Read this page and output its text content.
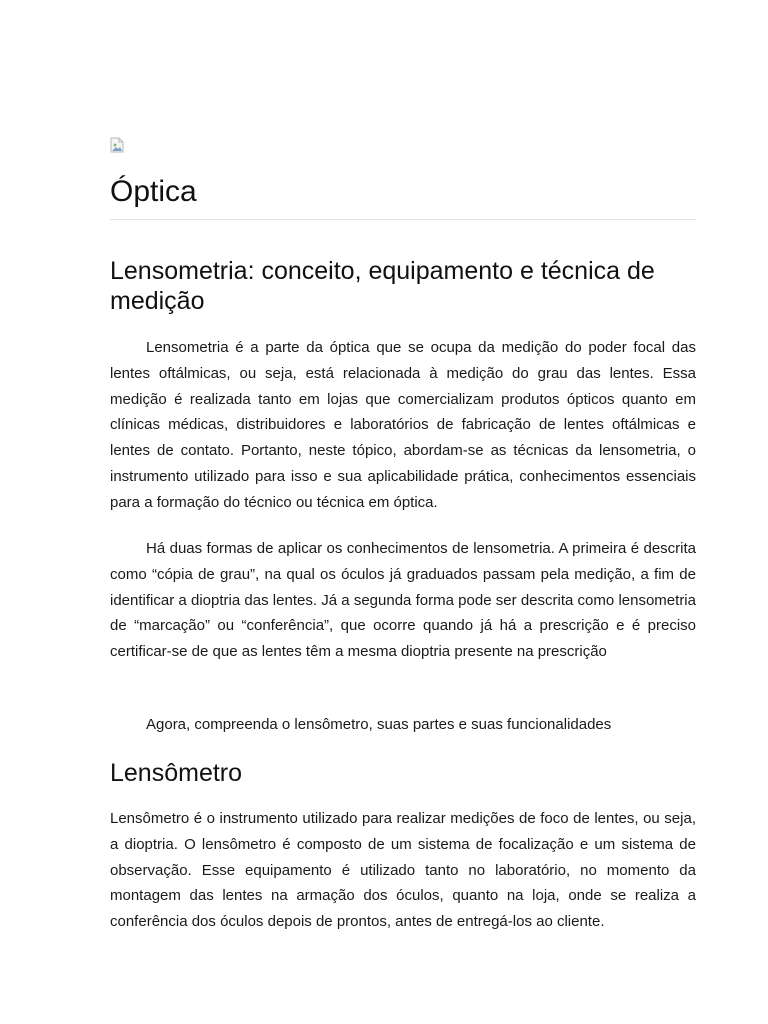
Óptica
Lensometria: conceito, equipamento e técnica de medição

Lensometria é a parte da óptica que se ocupa da medição do poder focal das lentes oftálmicas, ou seja, está relacionada à medição do grau das lentes. Essa medição é realizada tanto em lojas que comercializam produtos ópticos quanto em clínicas médicas, distribuidores e laboratórios de fabricação de lentes oftálmicas e lentes de contato. Portanto, neste tópico, abordam-se as técnicas da lensometria, o instrumento utilizado para isso e sua aplicabilidade prática, conhecimentos essenciais para a formação do técnico ou técnica em óptica.

Há duas formas de aplicar os conhecimentos de lensometria. A primeira é descrita como “cópia de grau”, na qual os óculos já graduados passam pela medição, a fim de identificar a dioptria das lentes. Já a segunda forma pode ser descrita como lensometria de “marcação” ou “conferência”, que ocorre quando já há a prescrição e é preciso certificar-se de que as lentes têm a mesma dioptria presente na prescrição

Agora, compreenda o lensômetro, suas partes e suas funcionalidades

Lensômetro

Lensômetro é o instrumento utilizado para realizar medições de foco de lentes, ou seja, a dioptria. O lensômetro é composto de um sistema de focalização e um sistema de observação. Esse equipamento é utilizado tanto no laboratório, no momento da montagem das lentes na armação dos óculos, quanto na loja, onde se realiza a conferência dos óculos depois de prontos, antes de entregá-los ao cliente.
